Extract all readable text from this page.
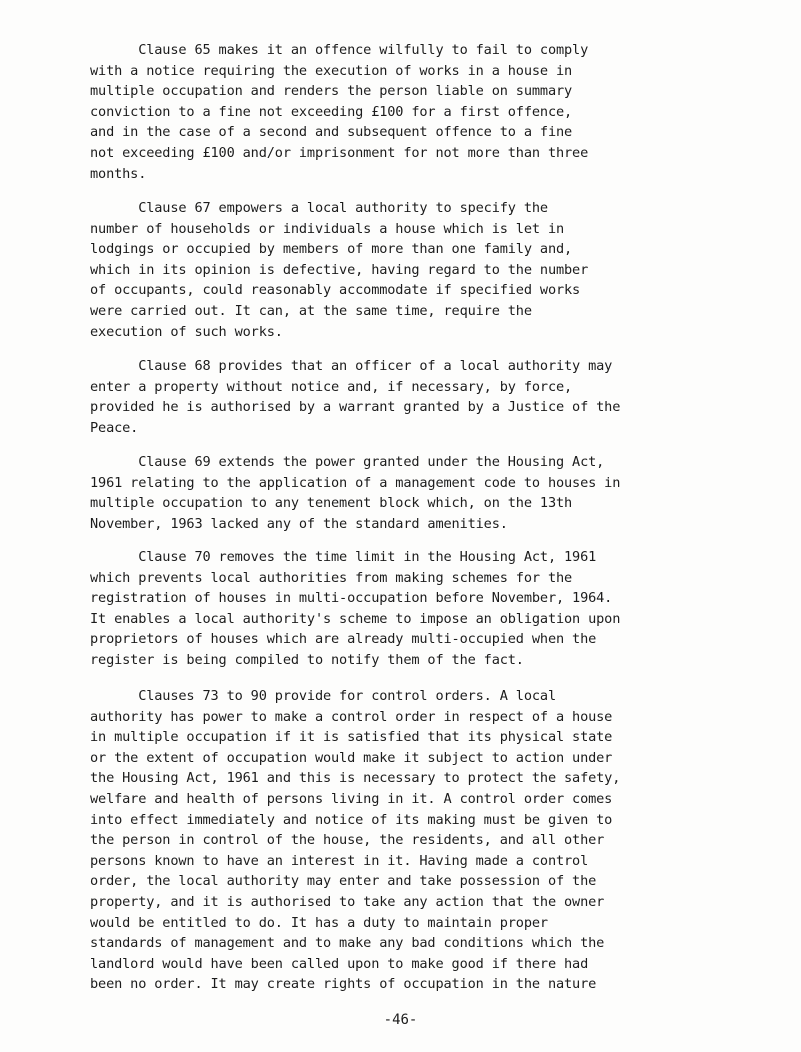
Clause 65 makes it an offence wilfully to fail to comply
with a notice requiring the execution of works in a house in
multiple occupation and renders the person liable on summary
conviction to a fine not exceeding £100 for a first offence,
and in the case of a second and subsequent offence to a fine
not exceeding £100 and/or imprisonment for not more than three
months.

Clause 67 empowers a local authority to specify the
number of households or individuals a house which is let in
lodgings or occupied by members of more than one family and,
which in its opinion is defective, having regard to the number
of occupants, could reasonably accommodate if specified works
were carried out. It can, at the same time, require the
execution of such works.

Clause 68 provides that an officer of a local authority may
enter a property without notice and, if necessary, by force,
provided he is authorised by a warrant granted by a Justice of the
Peace.

Clause 69 extends the power granted under the Housing Act,
1961 relating to the application of a management code to houses in
multiple occupation to any tenement block which, on the 13th
November, 1963 lacked any of the standard amenities.

Clause 70 removes the time limit in the Housing Act, 1961
which prevents local authorities from making schemes for the
registration of houses in multi-occupation before November, 1964.
It enables a local authority's scheme to impose an obligation upon
proprietors of houses which are already multi-occupied when the
register is being compiled to notify them of the fact.

Clauses 73 to 90 provide for control orders. A local
authority has power to make a control order in respect of a house
in multiple occupation if it is satisfied that its physical state
or the extent of occupation would make it subject to action under
the Housing Act, 1961 and this is necessary to protect the safety,
welfare and health of persons living in it. A control order comes
into effect immediately and notice of its making must be given to
the person in control of the house, the residents, and all other
persons known to have an interest in it. Having made a control
order, the local authority may enter and take possession of the
property, and it is authorised to take any action that the owner
would be entitled to do. It has a duty to maintain proper
standards of management and to make any bad conditions which the
landlord would have been called upon to make good if there had
been no order. It may create rights of occupation in the nature

-46-
